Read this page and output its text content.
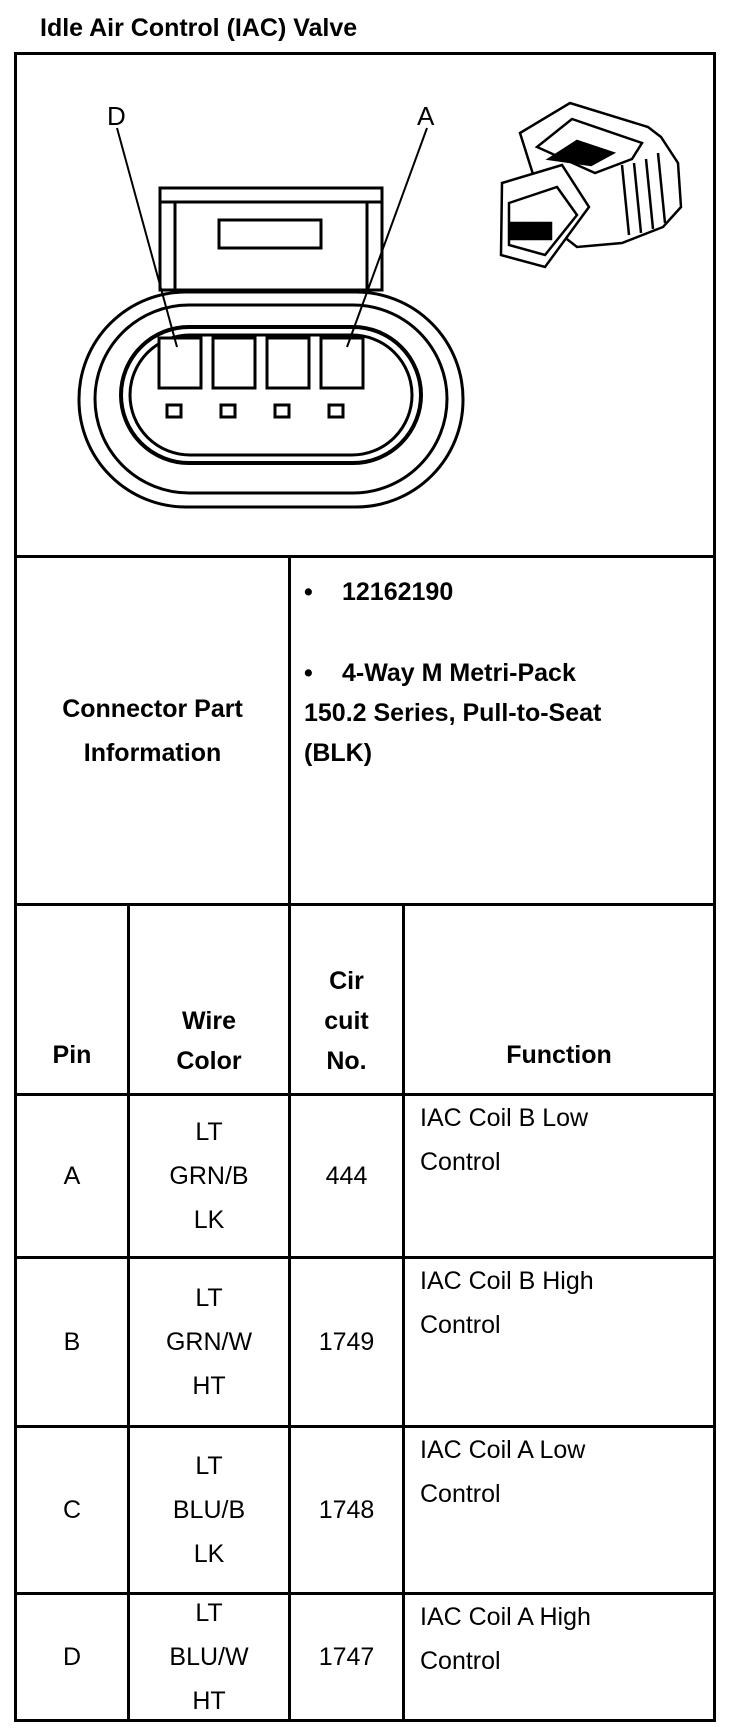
Idle Air Control (IAC) Valve
D	A
Connector Part
Information
• 12162190
• 4-Way M Metri-Pack
150.2 Series, Pull-to-Seat
(BLK)
Pin
Wire
Color
Cir
cuit
No.	Function
A
LT
GRN/B
LK
444
IAC Coil B Low
Control
B
LT
GRN/W
HT
1749
IAC Coil B High
Control
C
LT
BLU/B
LK
1748
IAC Coil A Low
Control
D
LT
BLU/W
HT
1747
IAC Coil A High
Control
